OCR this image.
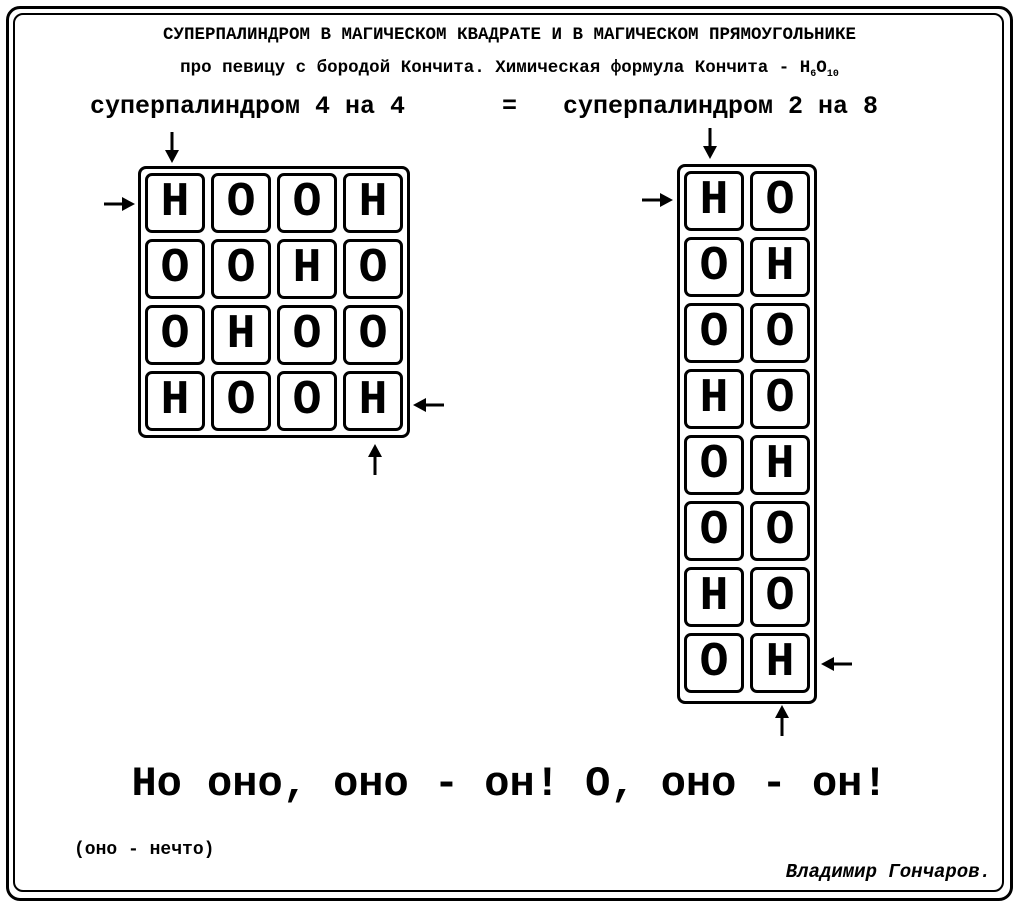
СУПЕРПАЛИНДРОМ В МАГИЧЕСКОМ КВАДРАТЕ И В МАГИЧЕСКОМ ПРЯМОУГОЛЬНИКЕ
про певицу с бородой Кончита. Химическая формула Кончита - $H_6O_{10}$
суперпалиндром 4 на 4	= суперпалиндром 2 на 8
H O O H
O O H O
O H O O
H O O H
H O
O H
O O
H O
O H
O O
H O
O H
Но оно, оно - он! О, оно - он!
(оно - нечто)
Владимир Гончаров.
